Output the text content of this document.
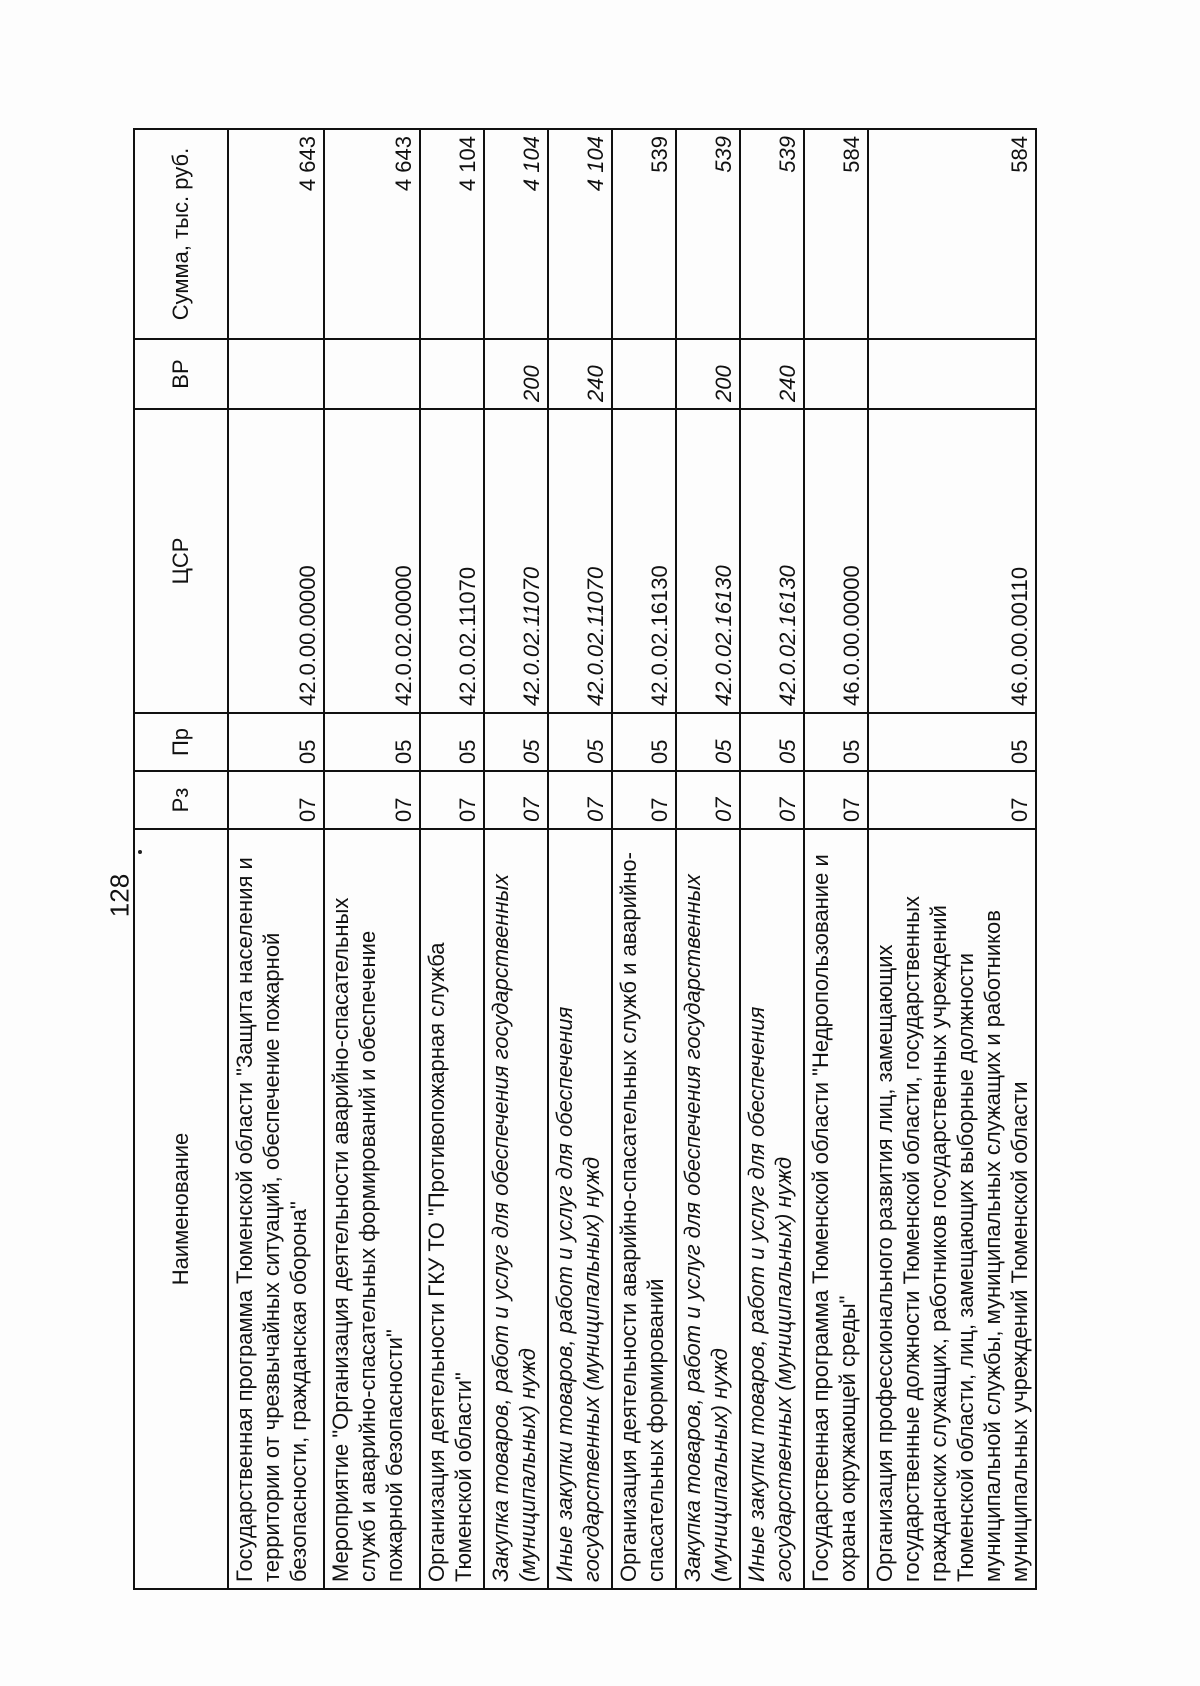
128
Наименование	Рз	Пр	ЦСР	ВР	Сумма, тыс. руб.
Государственная программа Тюменской области "Защита населения и территории от чрезвычайных ситуаций, обеспечение пожарной безопасности, гражданская оборона"	07	05	42.0.00.00000		4 643
Мероприятие "Организация деятельности аварийно-спасательных служб и аварийно-спасательных формирований и обеспечение пожарной безопасности"	07	05	42.0.02.00000		4 643
Организация деятельности ГКУ ТО "Противопожарная служба Тюменской области"	07	05	42.0.02.11070		4 104
Закупка товаров, работ и услуг для обеспечения государственных (муниципальных) нужд	07	05	42.0.02.11070	200	4 104
Иные закупки товаров, работ и услуг для обеспечения государственных (муниципальных) нужд	07	05	42.0.02.11070	240	4 104
Организация деятельности аварийно-спасательных служб и аварийно-спасательных формирований	07	05	42.0.02.16130		539
Закупка товаров, работ и услуг для обеспечения государственных (муниципальных) нужд	07	05	42.0.02.16130	200	539
Иные закупки товаров, работ и услуг для обеспечения государственных (муниципальных) нужд	07	05	42.0.02.16130	240	539
Государственная программа Тюменской области "Недропользование и охрана окружающей среды"	07	05	46.0.00.00000		584
Организация профессионального развития лиц, замещающих государственные должности Тюменской области, государственных гражданских служащих, работников государственных учреждений Тюменской области, лиц, замещающих выборные должности муниципальной службы, муниципальных служащих и работников муниципальных учреждений Тюменской области	07	05	46.0.00.00110		584
